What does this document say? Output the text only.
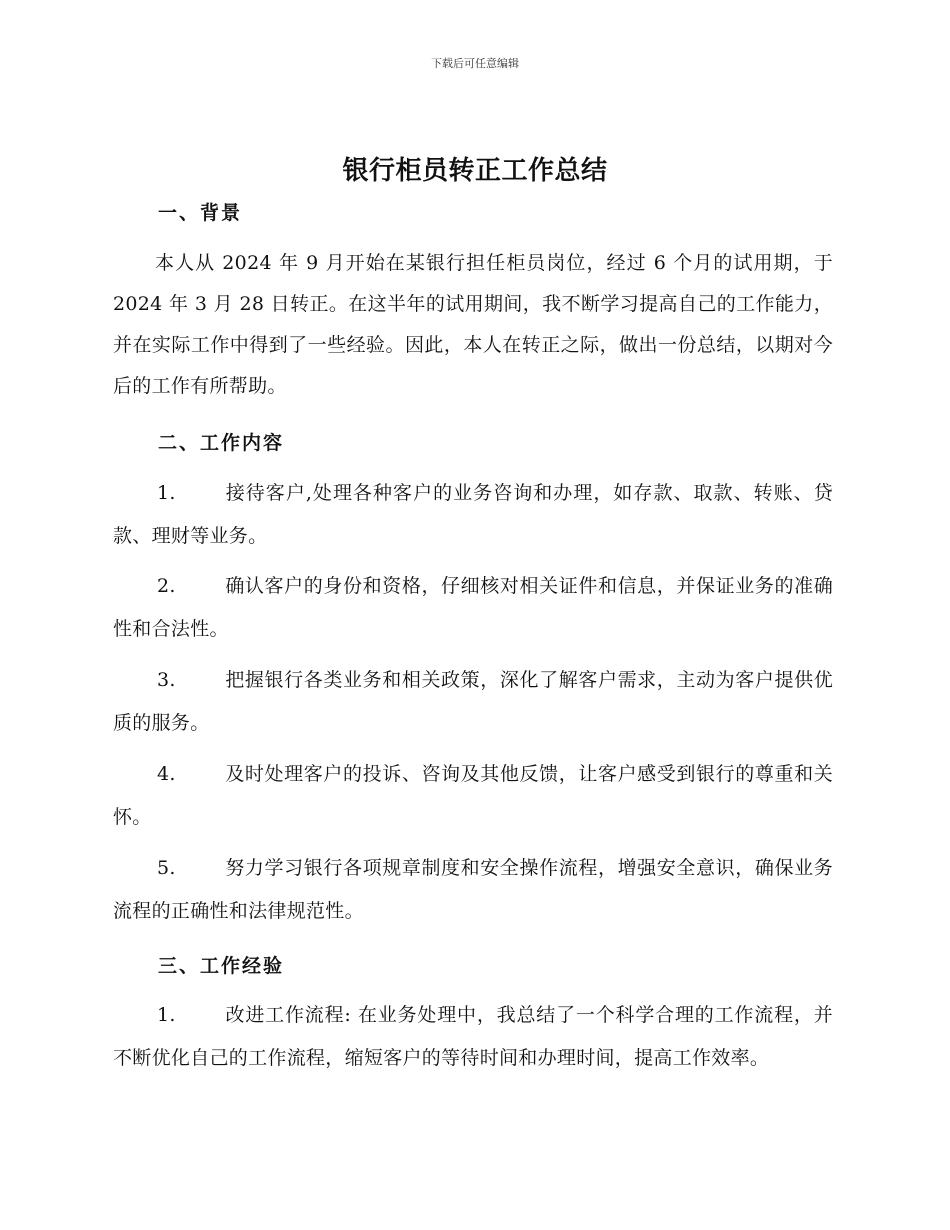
下载后可任意编辑
银行柜员转正工作总结
一、背景
本人从 2024 年 9 月开始在某银行担任柜员岗位，经过 6 个月的试用期，于 2024 年 3 月 28 日转正。在这半年的试用期间，我不断学习提高自己的工作能力，并在实际工作中得到了一些经验。因此，本人在转正之际，做出一份总结，以期对今后的工作有所帮助。
二、工作内容
1.	接待客户,处理各种客户的业务咨询和办理，如存款、取款、转账、贷款、理财等业务。
2.	确认客户的身份和资格，仔细核对相关证件和信息，并保证业务的准确性和合法性。
3.	把握银行各类业务和相关政策，深化了解客户需求，主动为客户提供优质的服务。
4.	及时处理客户的投诉、咨询及其他反馈，让客户感受到银行的尊重和关怀。
5.	努力学习银行各项规章制度和安全操作流程，增强安全意识，确保业务流程的正确性和法律规范性。
三、工作经验
1.	改进工作流程: 在业务处理中，我总结了一个科学合理的工作流程，并不断优化自己的工作流程，缩短客户的等待时间和办理时间，提高工作效率。
